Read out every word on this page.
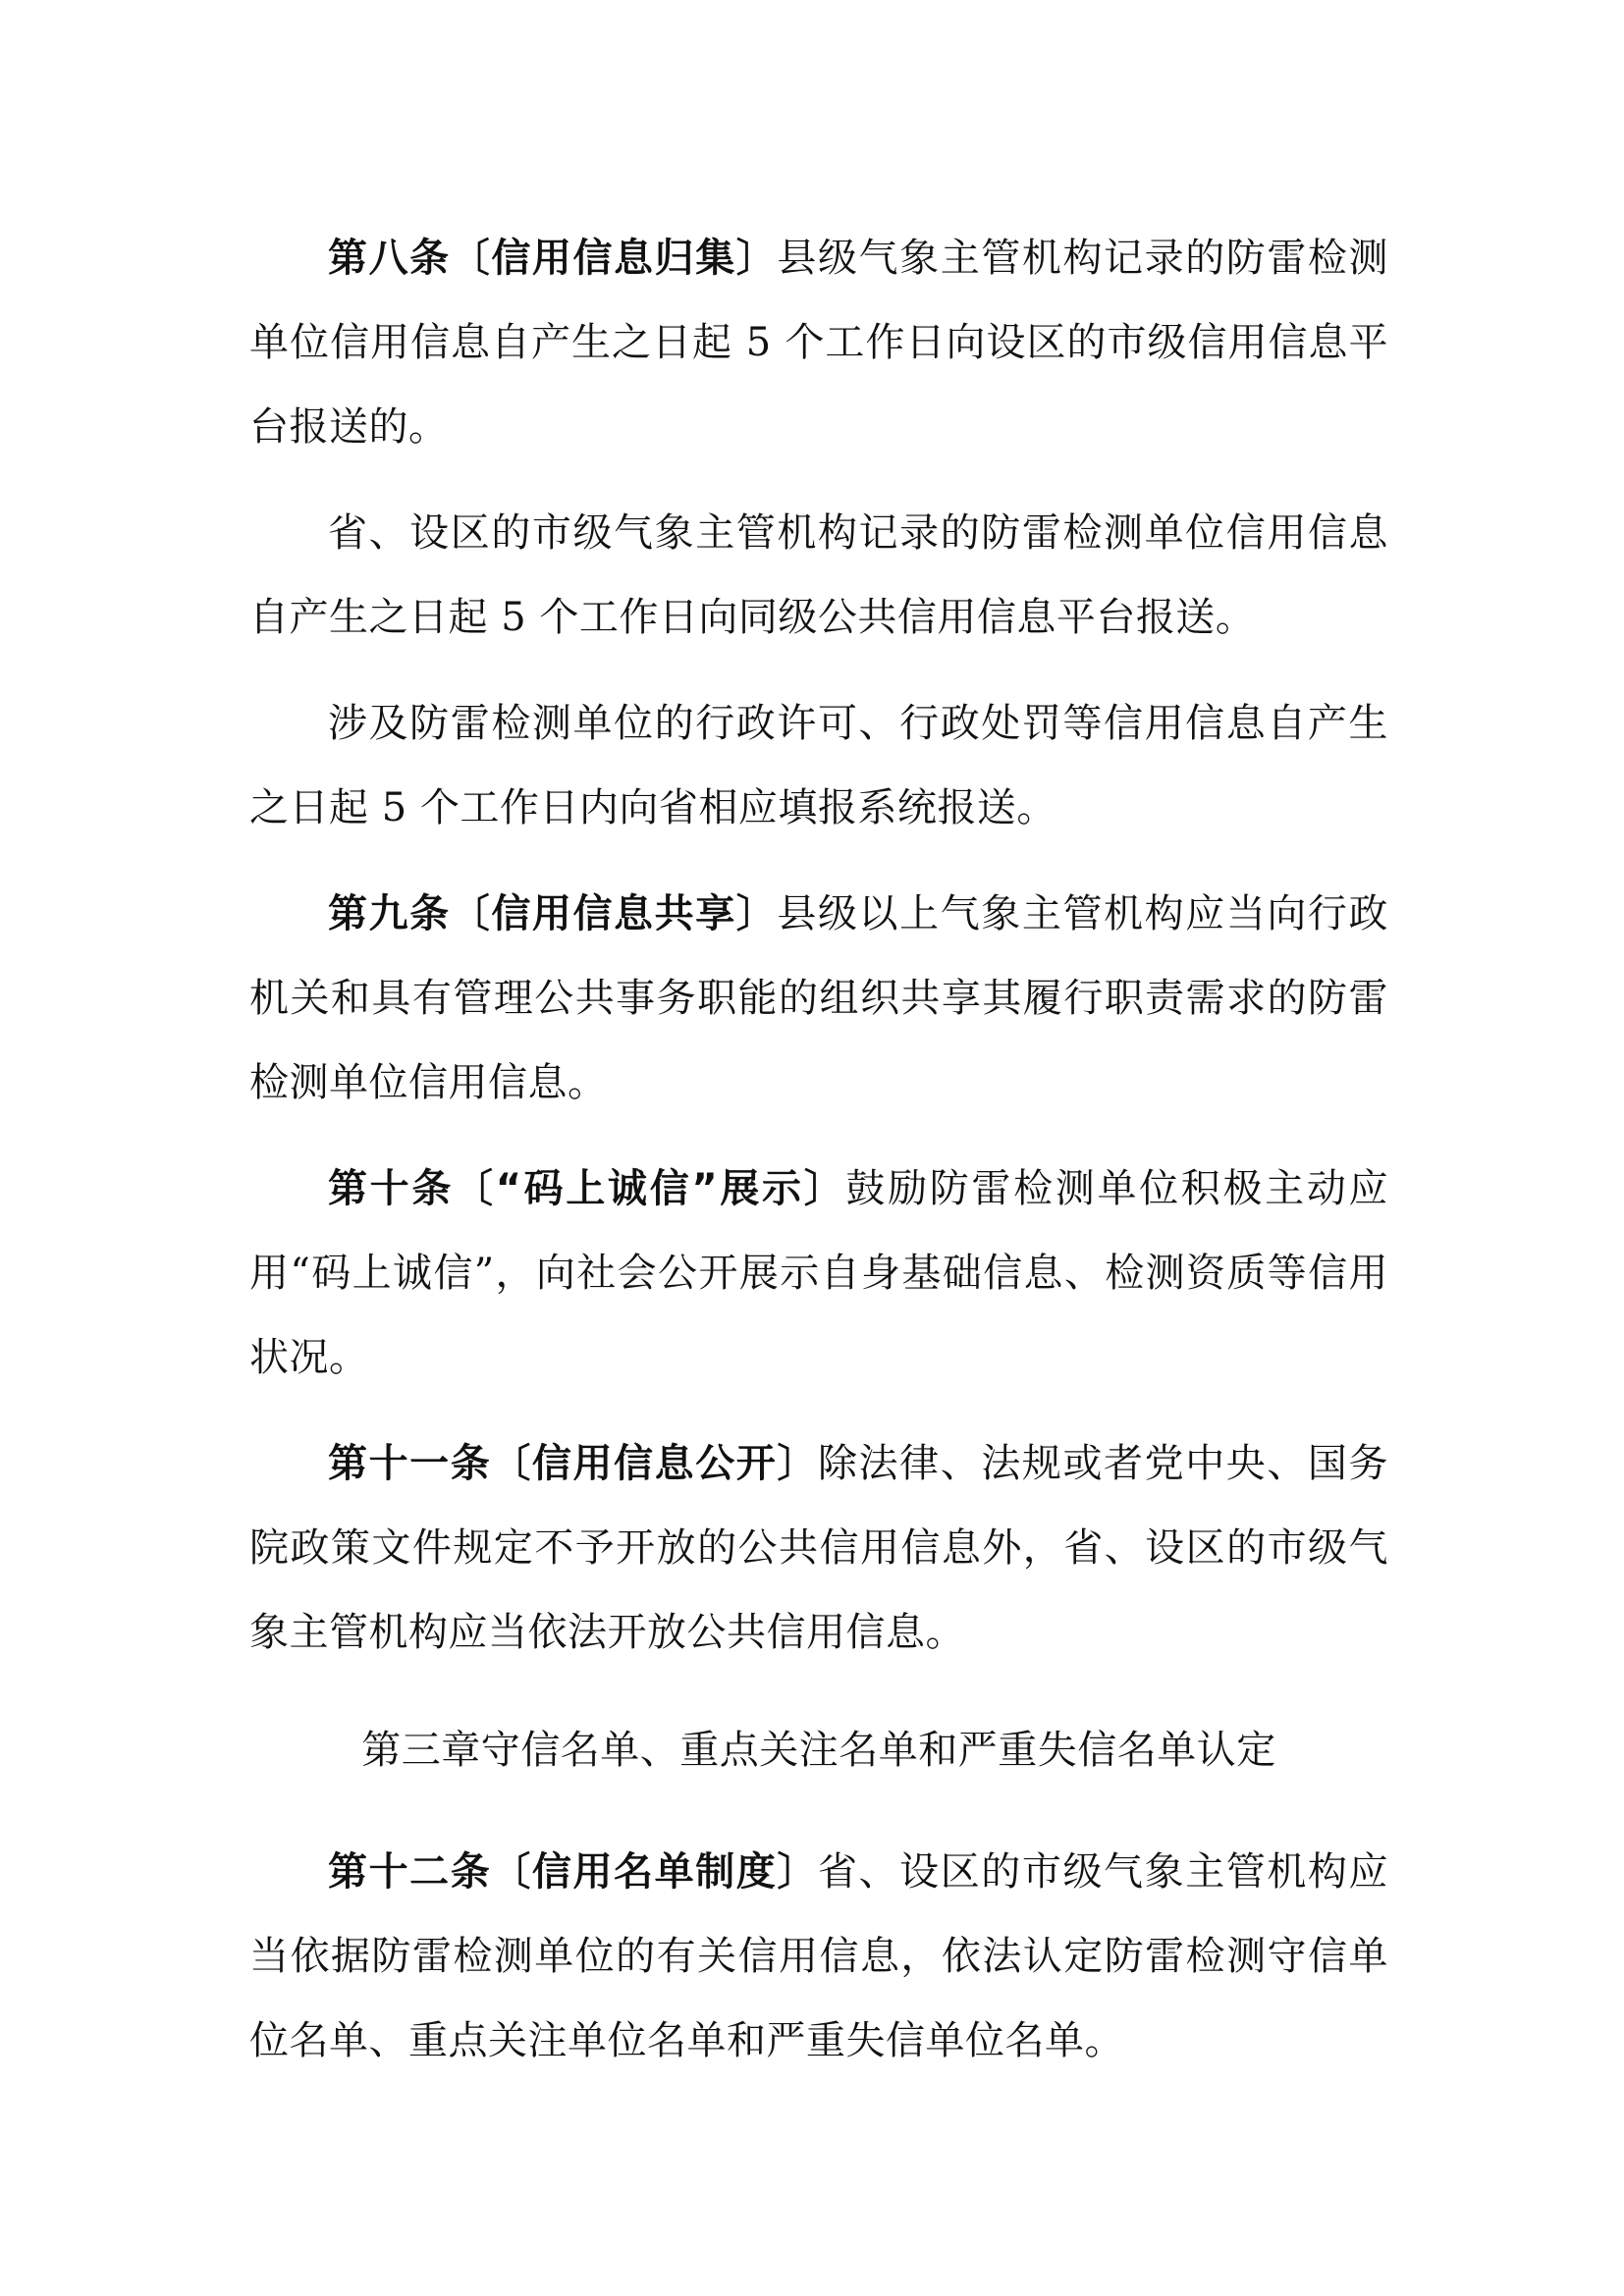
第八条〔信用信息归集〕县级气象主管机构记录的防雷检测单位信用信息自产生之日起 5 个工作日向设区的市级信用信息平台报送的。

省、设区的市级气象主管机构记录的防雷检测单位信用信息自产生之日起 5 个工作日向同级公共信用信息平台报送。

涉及防雷检测单位的行政许可、行政处罚等信用信息自产生之日起 5 个工作日内向省相应填报系统报送。

第九条〔信用信息共享〕县级以上气象主管机构应当向行政机关和具有管理公共事务职能的组织共享其履行职责需求的防雷检测单位信用信息。

第十条〔“码上诚信”展示〕鼓励防雷检测单位积极主动应用“码上诚信”，向社会公开展示自身基础信息、检测资质等信用状况。

第十一条〔信用信息公开〕除法律、法规或者党中央、国务院政策文件规定不予开放的公共信用信息外，省、设区的市级气象主管机构应当依法开放公共信用信息。

第三章守信名单、重点关注名单和严重失信名单认定

第十二条〔信用名单制度〕省、设区的市级气象主管机构应当依据防雷检测单位的有关信用信息，依法认定防雷检测守信单位名单、重点关注单位名单和严重失信单位名单。
